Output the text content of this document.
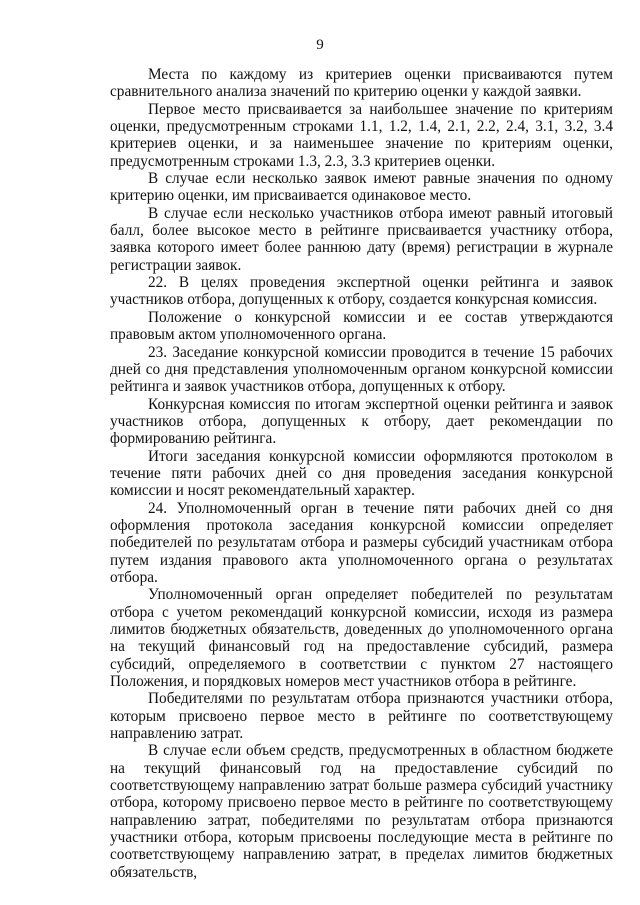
9

Места по каждому из критериев оценки присваиваются путем сравнительного анализа значений по критерию оценки у каждой заявки.

Первое место присваивается за наибольшее значение по критериям оценки, предусмотренным строками 1.1, 1.2, 1.4, 2.1, 2.2, 2.4, 3.1, 3.2, 3.4 критериев оценки, и за наименьшее значение по критериям оценки, предусмотренным строками 1.3, 2.3, 3.3 критериев оценки.

В случае если несколько заявок имеют равные значения по одному критерию оценки, им присваивается одинаковое место.

В случае если несколько участников отбора имеют равный итоговый балл, более высокое место в рейтинге присваивается участнику отбора, заявка которого имеет более раннюю дату (время) регистрации в журнале регистрации заявок.

22. В целях проведения экспертной оценки рейтинга и заявок участников отбора, допущенных к отбору, создается конкурсная комиссия.

Положение о конкурсной комиссии и ее состав утверждаются правовым актом уполномоченного органа.

23. Заседание конкурсной комиссии проводится в течение 15 рабочих дней со дня представления уполномоченным органом конкурсной комиссии рейтинга и заявок участников отбора, допущенных к отбору.

Конкурсная комиссия по итогам экспертной оценки рейтинга и заявок участников отбора, допущенных к отбору, дает рекомендации по формированию рейтинга.

Итоги заседания конкурсной комиссии оформляются протоколом в течение пяти рабочих дней со дня проведения заседания конкурсной комиссии и носят рекомендательный характер.

24. Уполномоченный орган в течение пяти рабочих дней со дня оформления протокола заседания конкурсной комиссии определяет победителей по результатам отбора и размеры субсидий участникам отбора путем издания правового акта уполномоченного органа о результатах отбора.

Уполномоченный орган определяет победителей по результатам отбора с учетом рекомендаций конкурсной комиссии, исходя из размера лимитов бюджетных обязательств, доведенных до уполномоченного органа на текущий финансовый год на предоставление субсидий, размера субсидий, определяемого в соответствии с пунктом 27 настоящего Положения, и порядковых номеров мест участников отбора в рейтинге.

Победителями по результатам отбора признаются участники отбора, которым присвоено первое место в рейтинге по соответствующему направлению затрат.

В случае если объем средств, предусмотренных в областном бюджете на текущий финансовый год на предоставление субсидий по соответствующему направлению затрат больше размера субсидий участнику отбора, которому присвоено первое место в рейтинге по соответствующему направлению затрат, победителями по результатам отбора признаются участники отбора, которым присвоены последующие места в рейтинге по соответствующему направлению затрат, в пределах лимитов бюджетных обязательств,
